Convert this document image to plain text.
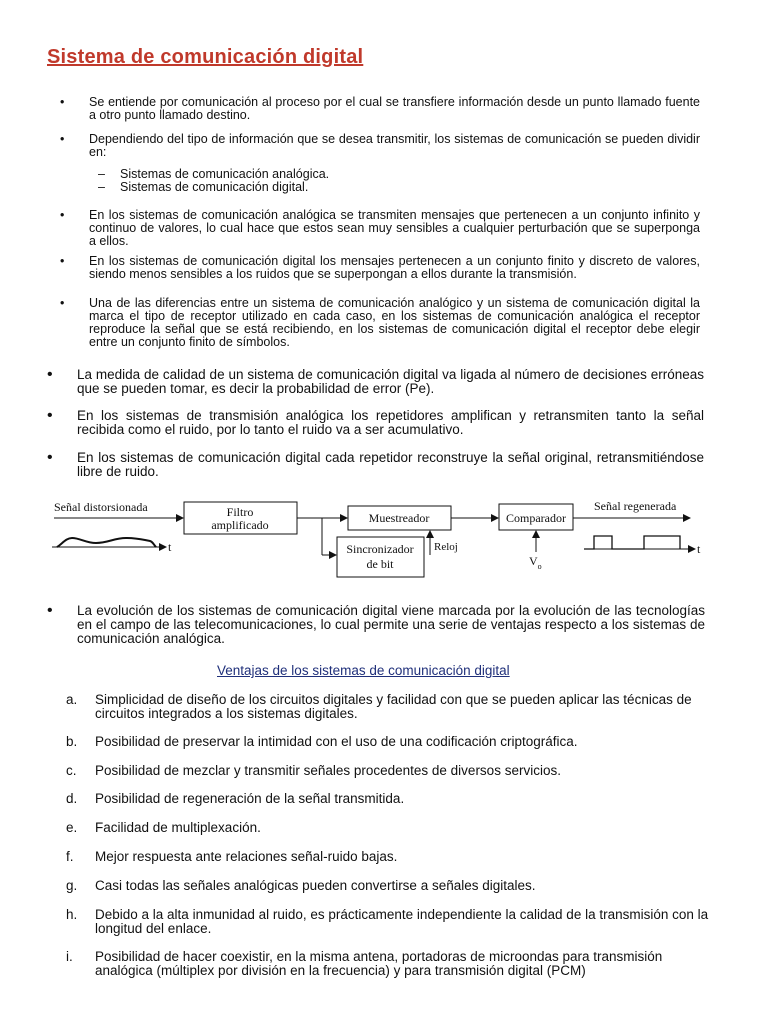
Sistema de comunicación digital
• Se entiende por comunicación al proceso por el cual se transfiere información desde un punto llamado fuente a otro punto llamado destino.
• Dependiendo del tipo de información que se desea transmitir, los sistemas de comunicación se pueden dividir en:
– Sistemas de comunicación analógica.
– Sistemas de comunicación digital.
• En los sistemas de comunicación analógica se transmiten mensajes que pertenecen a un conjunto infinito y continuo de valores, lo cual hace que estos sean muy sensibles a cualquier perturbación que se superponga a ellos.
• En los sistemas de comunicación digital los mensajes pertenecen a un conjunto finito y discreto de valores, siendo menos sensibles a los ruidos que se superpongan a ellos durante la transmisión.
• Una de las diferencias entre un sistema de comunicación analógico y un sistema de comunicación digital la marca el tipo de receptor utilizado en cada caso, en los sistemas de comunicación analógica el receptor reproduce la señal que se está recibiendo, en los sistemas de comunicación digital el receptor debe elegir entre un conjunto finito de símbolos.
• La medida de calidad de un sistema de comunicación digital va ligada al número de decisiones erróneas que se pueden tomar, es decir la probabilidad de error (Pe).
• En los sistemas de transmisión analógica los repetidores amplifican y retransmiten tanto la señal recibida como el ruido, por lo tanto el ruido va a ser acumulativo.
• En los sistemas de comunicación digital cada repetidor reconstruye la señal original, retransmitiéndose libre de ruido.
Señal distorsionada	Filtro
amplificado	Muestreador
Sincronizador
de bit
Reloj
Comparador
$V_o$
Señal regenerada
t	t
• La evolución de los sistemas de comunicación digital viene marcada por la evolución de las tecnologías en el campo de las telecomunicaciones, lo cual permite una serie de ventajas respecto a los sistemas de comunicación analógica.
Ventajas de los sistemas de comunicación digital
a. Simplicidad de diseño de los circuitos digitales y facilidad con que se pueden aplicar las técnicas de circuitos integrados a los sistemas digitales.
b. Posibilidad de preservar la intimidad con el uso de una codificación criptográfica.
c. Posibilidad de mezclar y transmitir señales procedentes de diversos servicios.
d. Posibilidad de regeneración de la señal transmitida.
e. Facilidad de multiplexación.
f. Mejor respuesta ante relaciones señal-ruido bajas.
g. Casi todas las señales analógicas pueden convertirse a señales digitales.
h. Debido a la alta inmunidad al ruido, es prácticamente independiente la calidad de la transmisión con la longitud del enlace.
i. Posibilidad de hacer coexistir, en la misma antena, portadoras de microondas para transmisión analógica (múltiplex por división en la frecuencia) y para transmisión digital (PCM)
